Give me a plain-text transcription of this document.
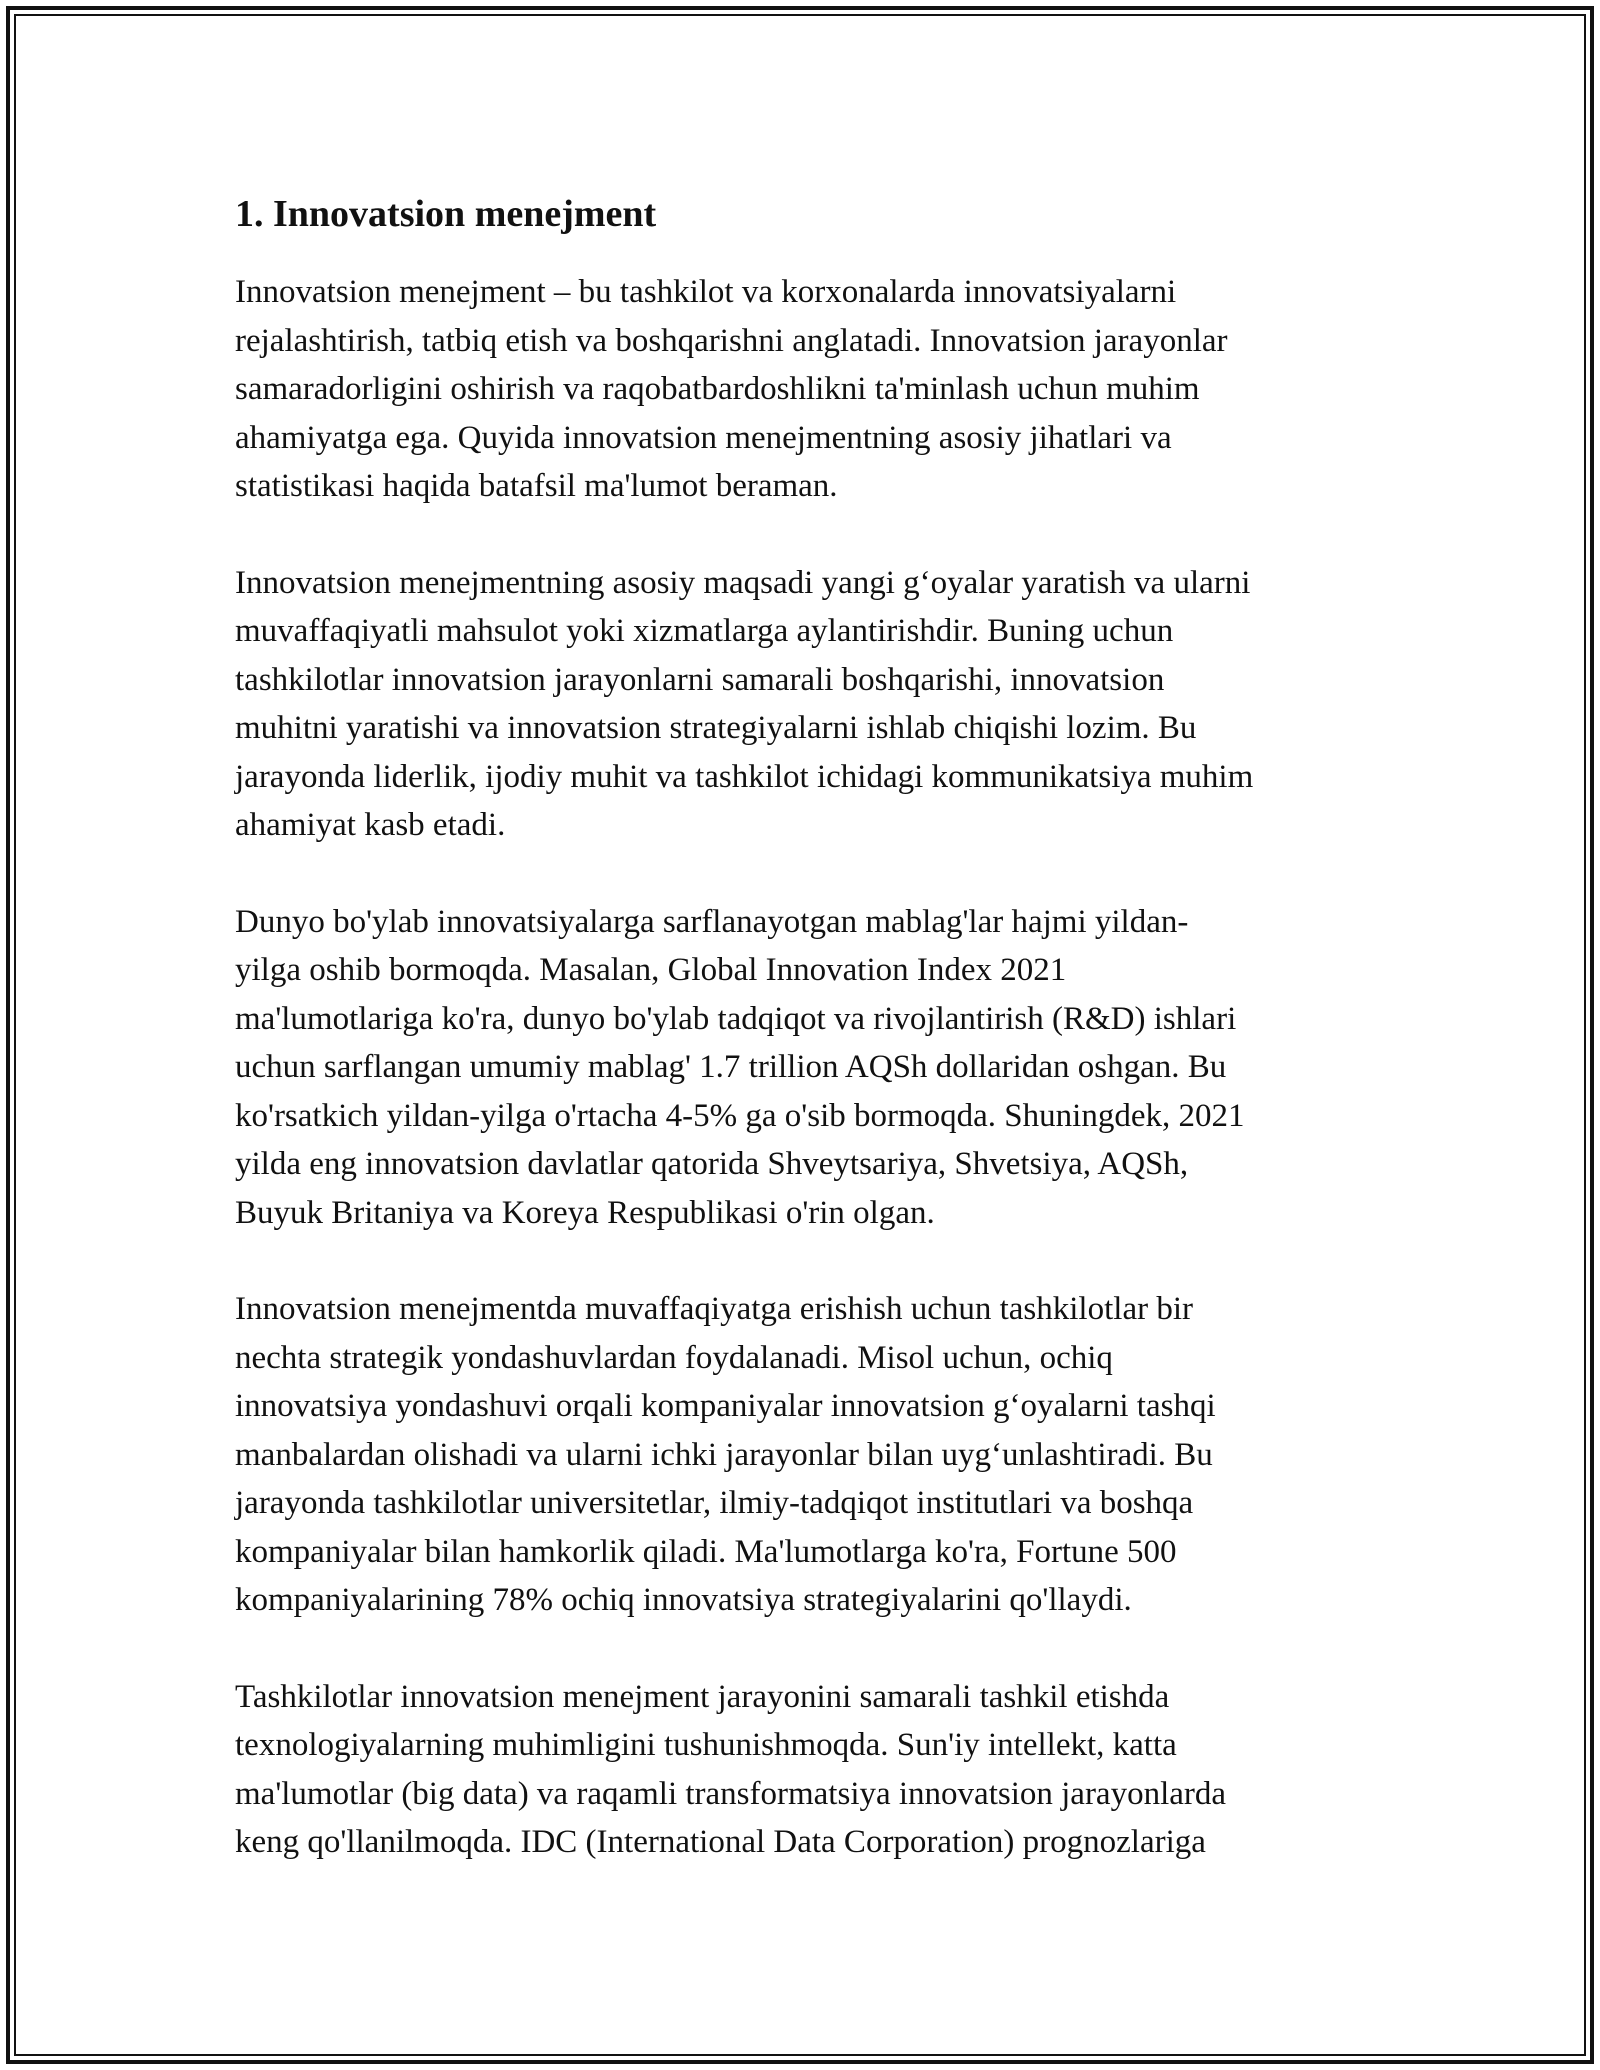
1. Innovatsion menejment

Innovatsion menejment – bu tashkilot va korxonalarda innovatsiyalarni
rejalashtirish, tatbiq etish va boshqarishni anglatadi. Innovatsion jarayonlar
samaradorligini oshirish va raqobatbardoshlikni ta'minlash uchun muhim
ahamiyatga ega. Quyida innovatsion menejmentning asosiy jihatlari va
statistikasi haqida batafsil ma'lumot beraman.

Innovatsion menejmentning asosiy maqsadi yangi g‘oyalar yaratish va ularni
muvaffaqiyatli mahsulot yoki xizmatlarga aylantirishdir. Buning uchun
tashkilotlar innovatsion jarayonlarni samarali boshqarishi, innovatsion
muhitni yaratishi va innovatsion strategiyalarni ishlab chiqishi lozim. Bu
jarayonda liderlik, ijodiy muhit va tashkilot ichidagi kommunikatsiya muhim
ahamiyat kasb etadi.

Dunyo bo'ylab innovatsiyalarga sarflanayotgan mablag'lar hajmi yildan-
yilga oshib bormoqda. Masalan, Global Innovation Index 2021
ma'lumotlariga ko'ra, dunyo bo'ylab tadqiqot va rivojlantirish (R&D) ishlari
uchun sarflangan umumiy mablag' 1.7 trillion AQSh dollaridan oshgan. Bu
ko'rsatkich yildan-yilga o'rtacha 4-5% ga o'sib bormoqda. Shuningdek, 2021
yilda eng innovatsion davlatlar qatorida Shveytsariya, Shvetsiya, AQSh,
Buyuk Britaniya va Koreya Respublikasi o'rin olgan.

Innovatsion menejmentda muvaffaqiyatga erishish uchun tashkilotlar bir
nechta strategik yondashuvlardan foydalanadi. Misol uchun, ochiq
innovatsiya yondashuvi orqali kompaniyalar innovatsion g‘oyalarni tashqi
manbalardan olishadi va ularni ichki jarayonlar bilan uyg‘unlashtiradi. Bu
jarayonda tashkilotlar universitetlar, ilmiy-tadqiqot institutlari va boshqa
kompaniyalar bilan hamkorlik qiladi. Ma'lumotlarga ko'ra, Fortune 500
kompaniyalarining 78% ochiq innovatsiya strategiyalarini qo'llaydi.

Tashkilotlar innovatsion menejment jarayonini samarali tashkil etishda
texnologiyalarning muhimligini tushunishmoqda. Sun'iy intellekt, katta
ma'lumotlar (big data) va raqamli transformatsiya innovatsion jarayonlarda
keng qo'llanilmoqda. IDC (International Data Corporation) prognozlariga
